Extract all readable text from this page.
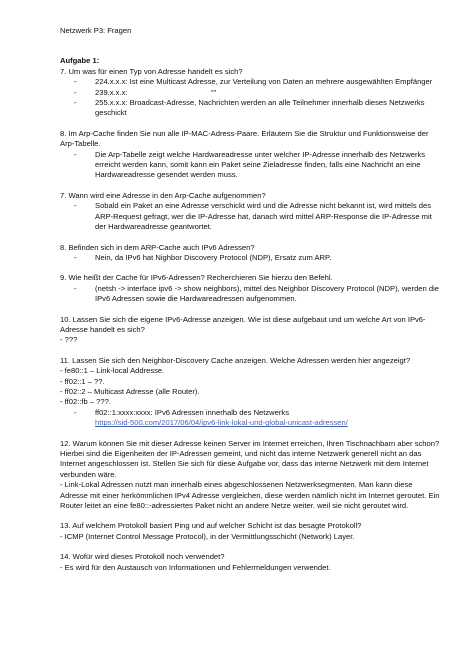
Netzwerk P3: Fragen

Aufgabe 1:

7. Um was für einen Typ von Adresse handelt es sich?

- 224.x.x.x: Ist eine Multicast Adresse, zur Verteilung von Daten an mehrere ausgewählten Empfänger

- 239.x.x.x:	“”

- 255.x.x.x: Broadcast-Adresse, Nachrichten werden an alle Teilnehmer innerhalb dieses Netzwerks geschickt

8. Im Arp-Cache finden Sie nun alle IP-MAC-Adress-Paare. Erläutern Sie die Struktur und Funktionsweise der Arp-Tabelle.

- Die Arp-Tabelle zeigt welche Hardwareadresse unter welcher IP-Adresse innerhalb des Netzwerks erreicht werden kann, somit kann ein Paket seine Zieladresse finden, falls eine Nachricht an eine Hardwareadresse gesendet werden muss.

7. Wann wird eine Adresse in den Arp-Cache aufgenommen?

- Sobald ein Paket an eine Adresse verschickt wird und die Adresse nicht bekannt ist, wird mittels des ARP-Request gefragt, wer die IP-Adresse hat, danach wird mittel ARP-Response die IP-Adresse mit der Hardwareadresse geantwortet.

8. Befinden sich in dem ARP-Cache auch IPv6 Adressen?

- Nein, da IPv6 hat Nighbor Discovery Protocol (NDP), Ersatz zum ARP.

9. Wie heißt der Cache für IPv6-Adressen? Recherchieren Sie hierzu den Befehl.

- (netsh -> interface ipv6 -> show neighbors), mittel des Neighbor Discovery Protocol (NDP), werden die IPv6 Adressen sowie die Hardwareadressen aufgenommen.

10. Lassen Sie sich die eigene IPv6-Adresse anzeigen. Wie ist diese aufgebaut und um welche Art von IPv6-Adresse handelt es sich?

- ???

11. Lassen Sie sich den Neighbor-Discovery Cache anzeigen. Welche Adressen werden hier angezeigt?

- fe80::1 – Link-local Addresse.

- ff02::1 – ??.

- ff02::2 – Multicast Adresse (alle Router).

- ff02::fb – ???.

- ff02::1:xxxx:xxxx: IPv6 Adressen innerhalb des Netzwerks
https://sid-500.com/2017/06/04/ipv6-link-lokal-und-global-unicast-adressen/

12. Warum können Sie mit dieser Adresse keinen Server im Internet erreichen, Ihren Tischnachbarn aber schon? Hierbei sind die Eigenheiten der IP-Adressen gemeint, und nicht das interne Netzwerk generell nicht an das Internet angeschlossen ist. Stellen Sie sich für diese Aufgabe vor, dass das interne Netzwerk mit dem Internet verbunden wäre.

- Link-Lokal Adressen nutzt man innerhalb eines abgeschlossenen Netzwerksegmenten. Man kann diese Adresse mit einer herkömmlichen IPv4 Adresse vergleichen, diese werden nämlich nicht im Internet geroutet. Ein Router leitet an eine fe80::-adressiertes Paket nicht an andere Netze weiter. weil sie nicht geroutet wird.

13. Auf welchem Protokoll basiert Ping und auf welcher Schicht ist das besagte Protokoll?

- ICMP (Internet Control Message Protocol), in der Vermittlungsschicht (Network) Layer.

14. Wofür wird dieses Protokoll noch verwendet?

- Es wird für den Austausch von Informationen und Fehlermeldungen verwendet.
